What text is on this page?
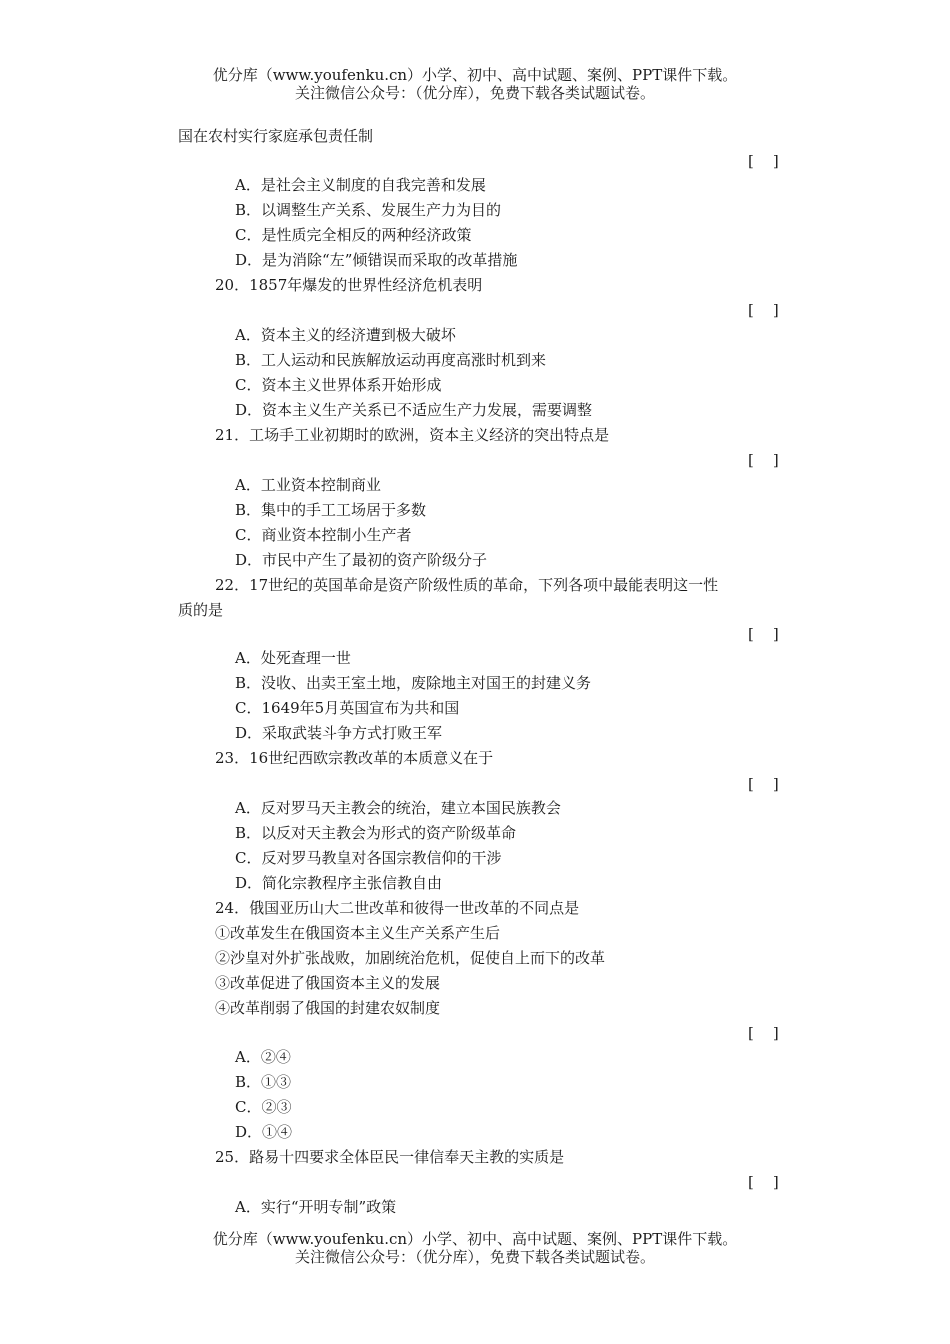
优分库（www.youfenku.cn）小学、初中、高中试题、案例、PPT课件下载。
关注微信公众号：（优分库），免费下载各类试题试卷。
国在农村实行家庭承包责任制
[    ]
A．是社会主义制度的自我完善和发展
B．以调整生产关系、发展生产力为目的
C．是性质完全相反的两种经济政策
D．是为消除“左”倾错误而采取的改革措施
20．1857年爆发的世界性经济危机表明
[    ]
A．资本主义的经济遭到极大破坏
B．工人运动和民族解放运动再度高涨时机到来
C．资本主义世界体系开始形成
D．资本主义生产关系已不适应生产力发展，需要调整
21．工场手工业初期时的欧洲，资本主义经济的突出特点是
[    ]
A．工业资本控制商业
B．集中的手工工场居于多数
C．商业资本控制小生产者
D．市民中产生了最初的资产阶级分子
22．17世纪的英国革命是资产阶级性质的革命，下列各项中最能表明这一性
质的是
[    ]
A．处死查理一世
B．没收、出卖王室土地，废除地主对国王的封建义务
C．1649年5月英国宣布为共和国
D．采取武装斗争方式打败王军
23．16世纪西欧宗教改革的本质意义在于
[    ]
A．反对罗马天主教会的统治，建立本国民族教会
B．以反对天主教会为形式的资产阶级革命
C．反对罗马教皇对各国宗教信仰的干涉
D．简化宗教程序主张信教自由
24．俄国亚历山大二世改革和彼得一世改革的不同点是
①改革发生在俄国资本主义生产关系产生后
②沙皇对外扩张战败，加剧统治危机，促使自上而下的改革
③改革促进了俄国资本主义的发展
④改革削弱了俄国的封建农奴制度
[    ]
A．②④
B．①③
C．②③
D．①④
25．路易十四要求全体臣民一律信奉天主教的实质是
[    ]
A．实行“开明专制”政策
优分库（www.youfenku.cn）小学、初中、高中试题、案例、PPT课件下载。
关注微信公众号：（优分库），免费下载各类试题试卷。
